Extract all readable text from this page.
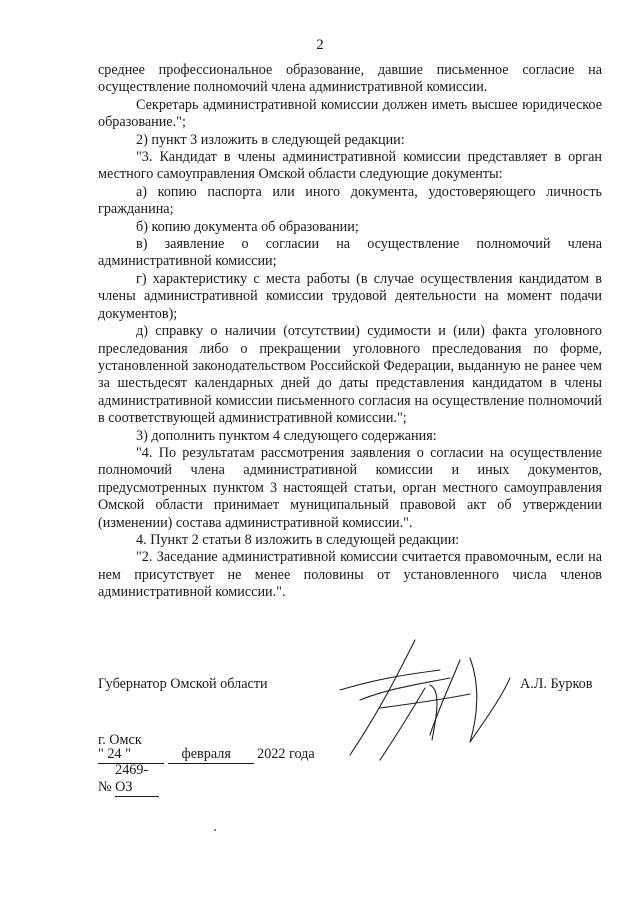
2

среднее профессиональное образование, давшие письменное согласие на осуществление полномочий члена административной комиссии.

Секретарь административной комиссии должен иметь высшее юридическое образование.";

2) пункт 3 изложить в следующей редакции:

"3. Кандидат в члены административной комиссии представляет в орган местного самоуправления Омской области следующие документы:

а) копию паспорта или иного документа, удостоверяющего личность гражданина;

б) копию документа об образовании;

в) заявление о согласии на осуществление полномочий члена административной комиссии;

г) характеристику с места работы (в случае осуществления кандидатом в члены административной комиссии трудовой деятельности на момент подачи документов);

д) справку о наличии (отсутствии) судимости и (или) факта уголовного преследования либо о прекращении уголовного преследования по форме, установленной законодательством Российской Федерации, выданную не ранее чем за шестьдесят календарных дней до даты представления кандидатом в члены административной комиссии письменного согласия на осуществление полномочий в соответствующей административной комиссии.";

3) дополнить пунктом 4 следующего содержания:

"4. По результатам рассмотрения заявления о согласии на осуществление полномочий члена административной комиссии и иных документов, предусмотренных пунктом 3 настоящей статьи, орган местного самоуправления Омской области принимает муниципальный правовой акт об утверждении (изменении) состава административной комиссии.".

4. Пункт 2 статьи 8 изложить в следующей редакции:

"2. Заседание административной комиссии считается правомочным, если на нем присутствует не менее половины от установленного числа членов административной комиссии.".

Губернатор Омской области	А.Л. Бурков
г. Омск
" 24 "	февраля 2022 года
№ 2469-ОЗ
